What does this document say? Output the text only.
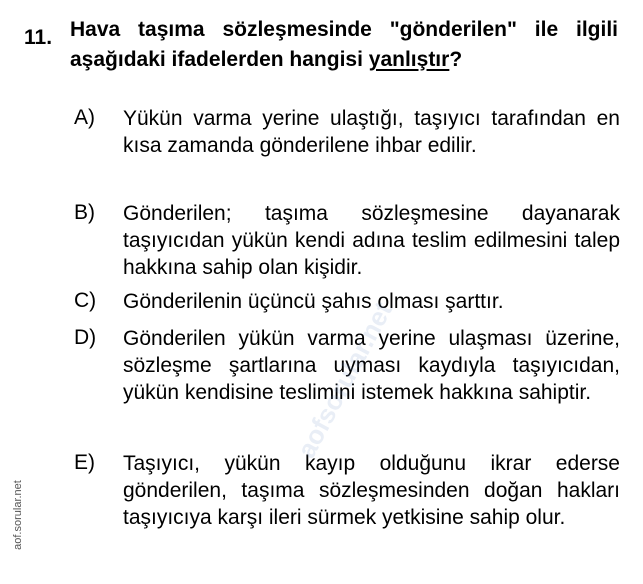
11. Hava taşıma sözleşmesinde "gönderilen" ile ilgili aşağıdaki ifadelerden hangisi yanlıştır?
A) Yükün varma yerine ulaştığı, taşıyıcı tarafından en kısa zamanda gönderilene ihbar edilir.
B) Gönderilen; taşıma sözleşmesine dayanarak taşıyıcıdan yükün kendi adına teslim edilmesini talep hakkına sahip olan kişidir.
C) Gönderilenin üçüncü şahıs olması şarttır.
D) Gönderilen yükün varma yerine ulaşması üzerine, sözleşme şartlarına uyması kaydıyla taşıyıcıdan, yükün kendisine teslimini istemek hakkına sahiptir.
E) Taşıyıcı, yükün kayıp olduğunu ikrar ederse gönderilen, taşıma sözleşmesinden doğan hakları taşıyıcıya karşı ileri sürmek yetkisine sahip olur.
aofsorular.net
aof.sorular.net
